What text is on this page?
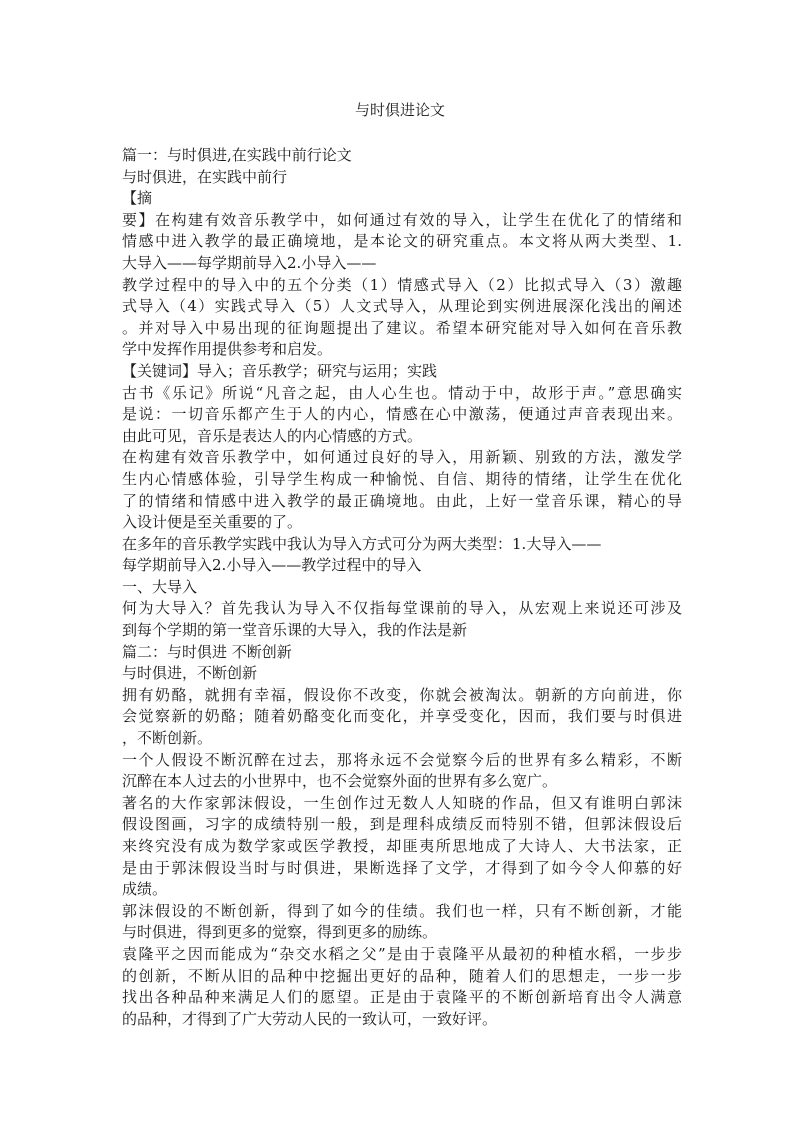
与时俱进论文
篇一：与时俱进,在实践中前行论文
与时俱进，在实践中前行
【摘
要】在构建有效音乐教学中，如何通过有效的导入，让学生在优化了的情绪和
情感中进入教学的最正确境地，是本论文的研究重点。本文将从两大类型、1.
大导入——每学期前导入2.小导入——
教学过程中的导入中的五个分类（1）情感式导入（2）比拟式导入（3）激趣
式导入（4）实践式导入（5）人文式导入，从理论到实例进展深化浅出的阐述
。并对导入中易出现的征询题提出了建议。希望本研究能对导入如何在音乐教
学中发挥作用提供参考和启发。
【关键词】导入；音乐教学；研究与运用；实践
古书《乐记》所说“凡音之起，由人心生也。情动于中，故形于声。”意思确实
是说：一切音乐都产生于人的内心，情感在心中激荡，便通过声音表现出来。
由此可见，音乐是表达人的内心情感的方式。
在构建有效音乐教学中，如何通过良好的导入，用新颖、别致的方法，激发学
生内心情感体验，引导学生构成一种愉悦、自信、期待的情绪，让学生在优化
了的情绪和情感中进入教学的最正确境地。由此，上好一堂音乐课，精心的导
入设计便是至关重要的了。
在多年的音乐教学实践中我认为导入方式可分为两大类型：1.大导入——
每学期前导入2.小导入——教学过程中的导入
一、大导入
何为大导入？首先我认为导入不仅指每堂课前的导入，从宏观上来说还可涉及
到每个学期的第一堂音乐课的大导入，我的作法是新
篇二：与时俱进 不断创新
与时俱进，不断创新
拥有奶酪，就拥有幸福，假设你不改变，你就会被淘汰。朝新的方向前进，你
会觉察新的奶酪；随着奶酪变化而变化，并享受变化，因而，我们要与时俱进
，不断创新。
一个人假设不断沉醉在过去，那将永远不会觉察今后的世界有多么精彩，不断
沉醉在本人过去的小世界中，也不会觉察外面的世界有多么宽广。
著名的大作家郭沫假设，一生创作过无数人人知晓的作品，但又有谁明白郭沫
假设图画，习字的成绩特别一般，到是理科成绩反而特别不错，但郭沫假设后
来终究没有成为数学家或医学教授，却匪夷所思地成了大诗人、大书法家，正
是由于郭沫假设当时与时俱进，果断选择了文学，才得到了如今令人仰慕的好
成绩。
郭沫假设的不断创新，得到了如今的佳绩。我们也一样，只有不断创新，才能
与时俱进，得到更多的觉察，得到更多的励练。
袁隆平之因而能成为“杂交水稻之父”是由于袁隆平从最初的种植水稻，一步步
的创新，不断从旧的品种中挖掘出更好的品种，随着人们的思想走，一步一步
找出各种品种来满足人们的愿望。正是由于袁隆平的不断创新培育出令人满意
的品种，才得到了广大劳动人民的一致认可，一致好评。
